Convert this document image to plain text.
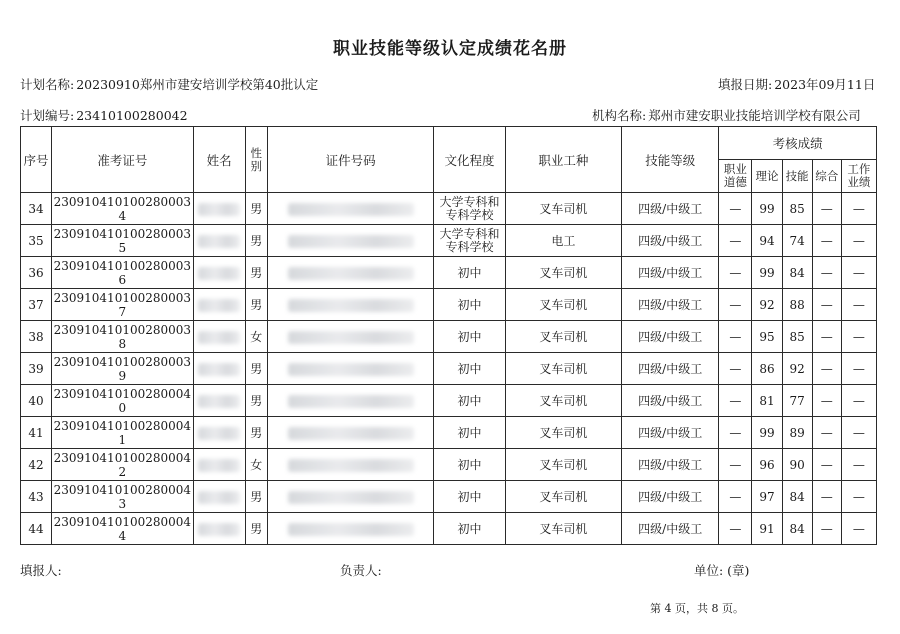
职业技能等级认定成绩花名册
计划名称: 20230910郑州市建安培训学校第40批认定	填报日期: 2023年09月11日
计划编号: 23410100280042	机构名称: 郑州市建安职业技能培训学校有限公司
序号	准考证号	姓名	性别	证件号码	文化程度	职业工种	技能等级	考核成绩				
								职业道德	理论	技能	综合	工作业绩
34	230910410100280003​4		男		大学专科和专科学校	叉车司机	四级/中级工	—	99	85	—	—
35	230910410100280003​5		男		大学专科和专科学校	电工	四级/中级工	—	94	74	—	—
36	230910410100280003​6		男		初中	叉车司机	四级/中级工	—	99	84	—	—
37	230910410100280003​7		男		初中	叉车司机	四级/中级工	—	92	88	—	—
38	230910410100280003​8		女		初中	叉车司机	四级/中级工	—	95	85	—	—
39	230910410100280003​9		男		初中	叉车司机	四级/中级工	—	86	92	—	—
40	230910410100280004​0		男		初中	叉车司机	四级/中级工	—	81	77	—	—
41	230910410100280004​1		男		初中	叉车司机	四级/中级工	—	99	89	—	—
42	230910410100280004​2		女		初中	叉车司机	四级/中级工	—	96	90	—	—
43	230910410100280004​3		男		初中	叉车司机	四级/中级工	—	97	84	—	—
44	230910410100280004​4		男		初中	叉车司机	四级/中级工	—	91	84	—	—
填报人:	负责人:	单位: (章)
第 4 页，共 8 页。
